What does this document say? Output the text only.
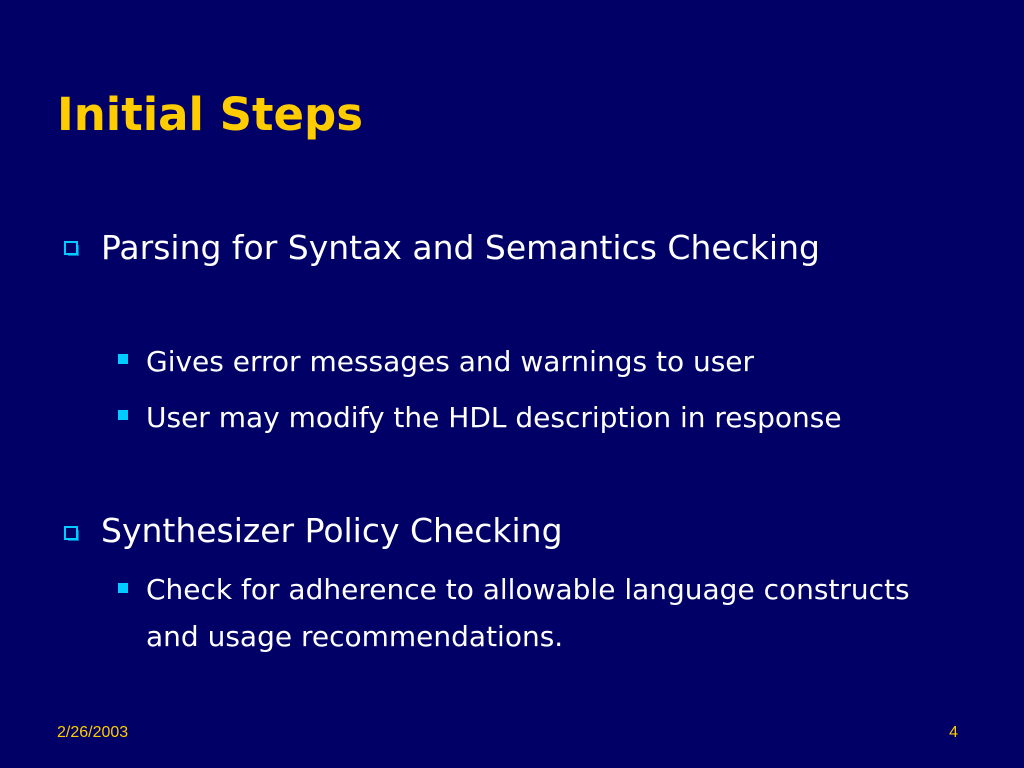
Initial Steps
Parsing for Syntax and Semantics Checking
Gives error messages and warnings to user
User may modify the HDL description in response
Synthesizer Policy Checking
Check for adherence to allowable language constructs and usage recommendations.
2/26/2003	4
